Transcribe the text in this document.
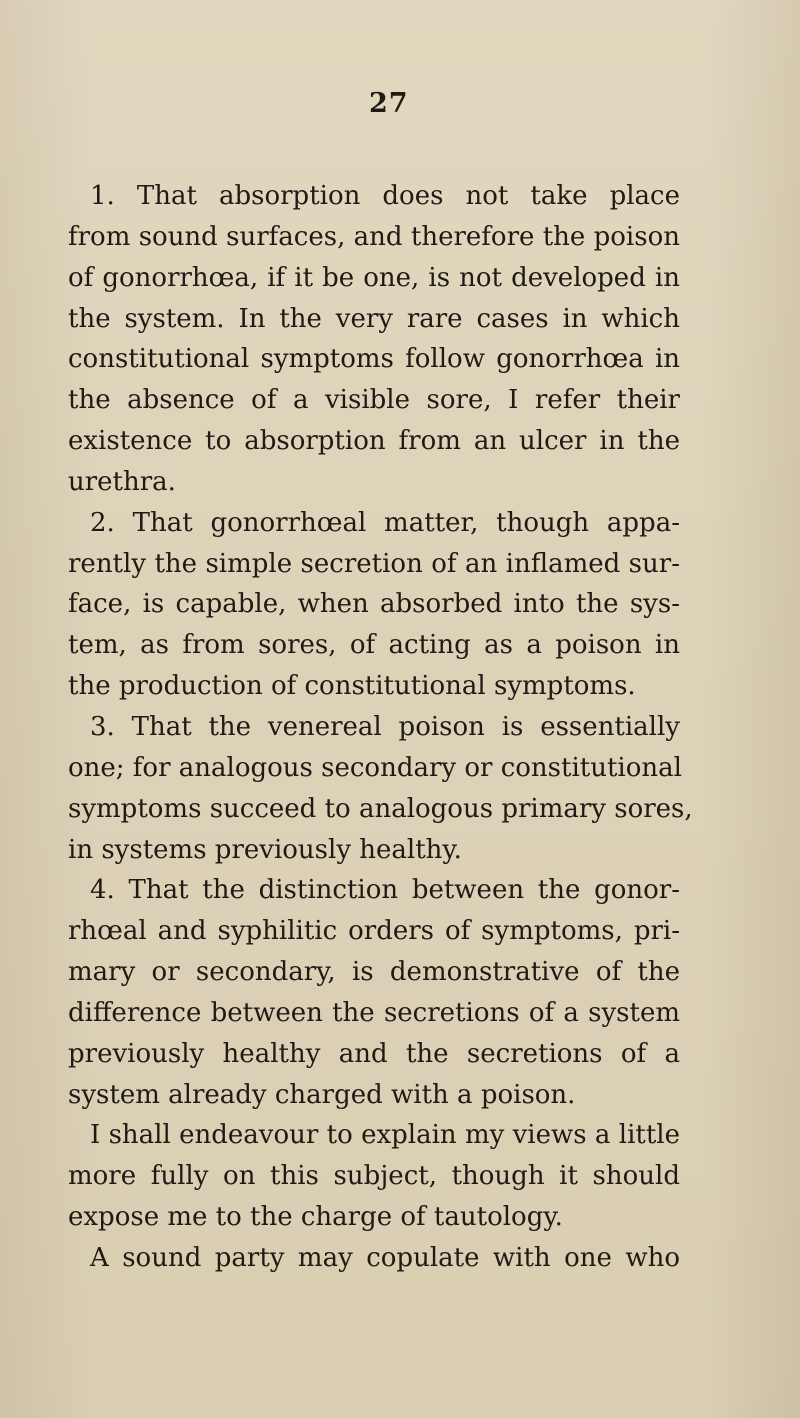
27
1. That absorption does not take place
from sound surfaces, and therefore the poison
of gonorrhœa, if it be one, is not developed in
the system. In the very rare cases in which
constitutional symptoms follow gonorrhœa in
the absence of a visible sore, I refer their
existence to absorption from an ulcer in the
urethra.
2. That gonorrhœal matter, though appa-
rently the simple secretion of an inflamed sur-
face, is capable, when absorbed into the sys-
tem, as from sores, of acting as a poison in
the production of constitutional symptoms.
3. That the venereal poison is essentially
one; for analogous secondary or constitutional
symptoms succeed to analogous primary sores,
in systems previously healthy.
4. That the distinction between the gonor-
rhœal and syphilitic orders of symptoms, pri-
mary or secondary, is demonstrative of the
difference between the secretions of a system
previously healthy and the secretions of a
system already charged with a poison.
I shall endeavour to explain my views a little
more fully on this subject, though it should
expose me to the charge of tautology.
A sound party may copulate with one who
